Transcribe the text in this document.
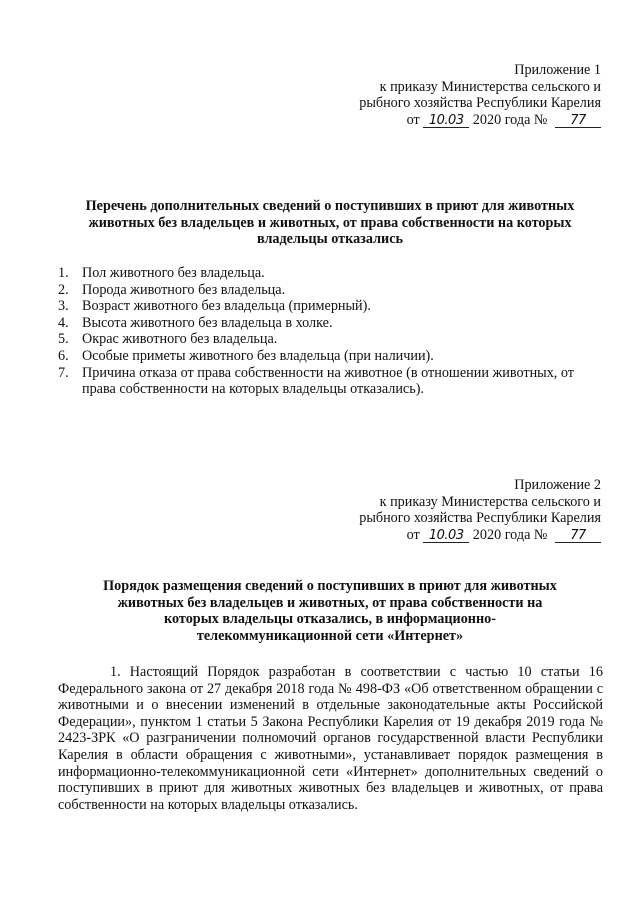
Приложение 1
к приказу Министерства сельского и
рыбного хозяйства Республики Карелия
от 10.03 2020 года № 77
Перечень дополнительных сведений о поступивших в приют для животных
животных без владельцев и животных, от права собственности на которых
владельцы отказались
1. Пол животного без владельца.
2. Порода животного без владельца.
3. Возраст животного без владельца (примерный).
4. Высота животного без владельца в холке.
5. Окрас животного без владельца.
6. Особые приметы животного без владельца (при наличии).
7. Причина отказа от права собственности на животное (в отношении животных, от права собственности на которых владельцы отказались).
Приложение 2
к приказу Министерства сельского и
рыбного хозяйства Республики Карелия
от 10.03 2020 года № 77
Порядок размещения сведений о поступивших в приют для животных
животных без владельцев и животных, от права собственности на
которых владельцы отказались, в информационно-
телекоммуникационной сети «Интернет»

1. Настоящий Порядок разработан в соответствии с частью 10 статьи 16 Федерального закона от 27 декабря 2018 года № 498-ФЗ «Об ответственном обращении с животными и о внесении изменений в отдельные законодательные акты Российской Федерации», пунктом 1 статьи 5 Закона Республики Карелия от 19 декабря 2019 года № 2423-ЗРК «О разграничении полномочий органов государственной власти Республики Карелия в области обращения с животными», устанавливает порядок размещения в информационно-телекоммуникационной сети «Интернет» дополнительных сведений о поступивших в приют для животных животных без владельцев и животных, от права собственности на которых владельцы отказались.
